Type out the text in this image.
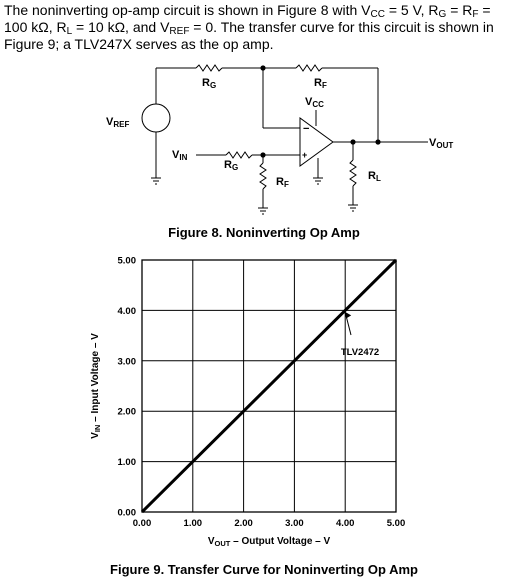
The noninverting op-amp circuit is shown in Figure 8 with $V_{CC} = 5$ V, $R_G = R_F$ =
100 kΩ, $R_L = 10$ kΩ, and $V_{REF} = 0$. The transfer curve for this circuit is shown in
Figure 9; a TLV247X serves as the op amp.
RG	RF
VCC
VREF
VIN
RG
RF
RL
VOUT
−
+
Figure 8. Noninverting Op Amp
0.00	1.00	2.00	3.00	4.00	5.00
0.00
1.00
2.00
3.00
4.00
5.00
TLV2472
$V_{OUT}$ – Output Voltage – V
$V_{IN}$ – Input Voltage – V
Figure 9. Transfer Curve for Noninverting Op Amp
